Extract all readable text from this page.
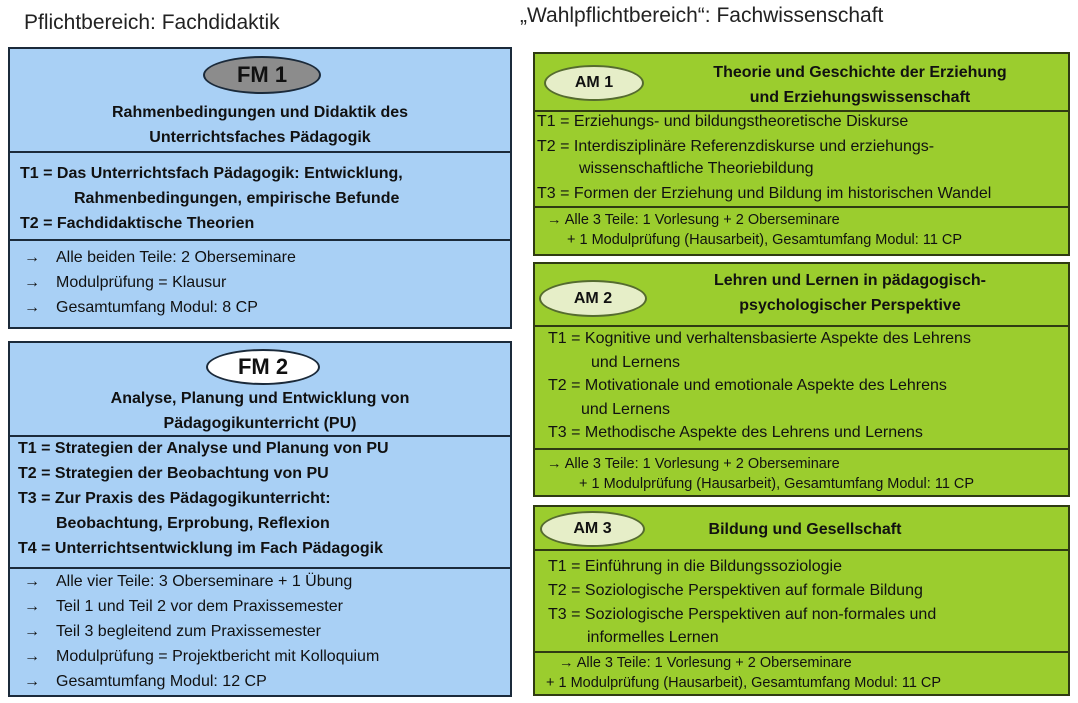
Pflichtbereich: Fachdidaktik	„Wahlpflichtbereich“: Fachwissenschaft
FM 1
Rahmenbedingungen und Didaktik des
Unterrichtsfaches Pädagogik
T1 = Das Unterrichtsfach Pädagogik: Entwicklung,
Rahmenbedingungen, empirische Befunde
T2 = Fachdidaktische Theorien
→ Alle beiden Teile: 2 Oberseminare
→ Modulprüfung = Klausur
→ Gesamtumfang Modul: 8 CP
FM 2
Analyse, Planung und Entwicklung von
Pädagogikunterricht (PU)
T1 = Strategien der Analyse und Planung von PU
T2 = Strategien der Beobachtung von PU
T3 = Zur Praxis des Pädagogikunterricht:
Beobachtung, Erprobung, Reflexion
T4 = Unterrichtsentwicklung im Fach Pädagogik
→ Alle vier Teile: 3 Oberseminare + 1 Übung
→ Teil 1 und Teil 2 vor dem Praxissemester
→ Teil 3 begleitend zum Praxissemester
→ Modulprüfung = Projektbericht mit Kolloquium
→ Gesamtumfang Modul: 12 CP
AM 1
Theorie und Geschichte der Erziehung
und Erziehungswissenschaft
T1 = Erziehungs- und bildungstheoretische Diskurse
T2 = Interdisziplinäre Referenzdiskurse und erziehungs-
wissenschaftliche Theoriebildung
T3 = Formen der Erziehung und Bildung im historischen Wandel
→ Alle 3 Teile: 1 Vorlesung + 2 Oberseminare
+ 1 Modulprüfung (Hausarbeit), Gesamtumfang Modul: 11 CP
AM 2
Lehren und Lernen in pädagogisch-
psychologischer Perspektive
T1 = Kognitive und verhaltensbasierte Aspekte des Lehrens
und Lernens
T2 = Motivationale und emotionale Aspekte des Lehrens
und Lernens
T3 = Methodische Aspekte des Lehrens und Lernens
→ Alle 3 Teile: 1 Vorlesung + 2 Oberseminare
+ 1 Modulprüfung (Hausarbeit), Gesamtumfang Modul: 11 CP
AM 3	Bildung und Gesellschaft
T1 = Einführung in die Bildungssoziologie
T2 = Soziologische Perspektiven auf formale Bildung
T3 = Soziologische Perspektiven auf non-formales und
informelles Lernen
→ Alle 3 Teile: 1 Vorlesung + 2 Oberseminare
+ 1 Modulprüfung (Hausarbeit), Gesamtumfang Modul: 11 CP
